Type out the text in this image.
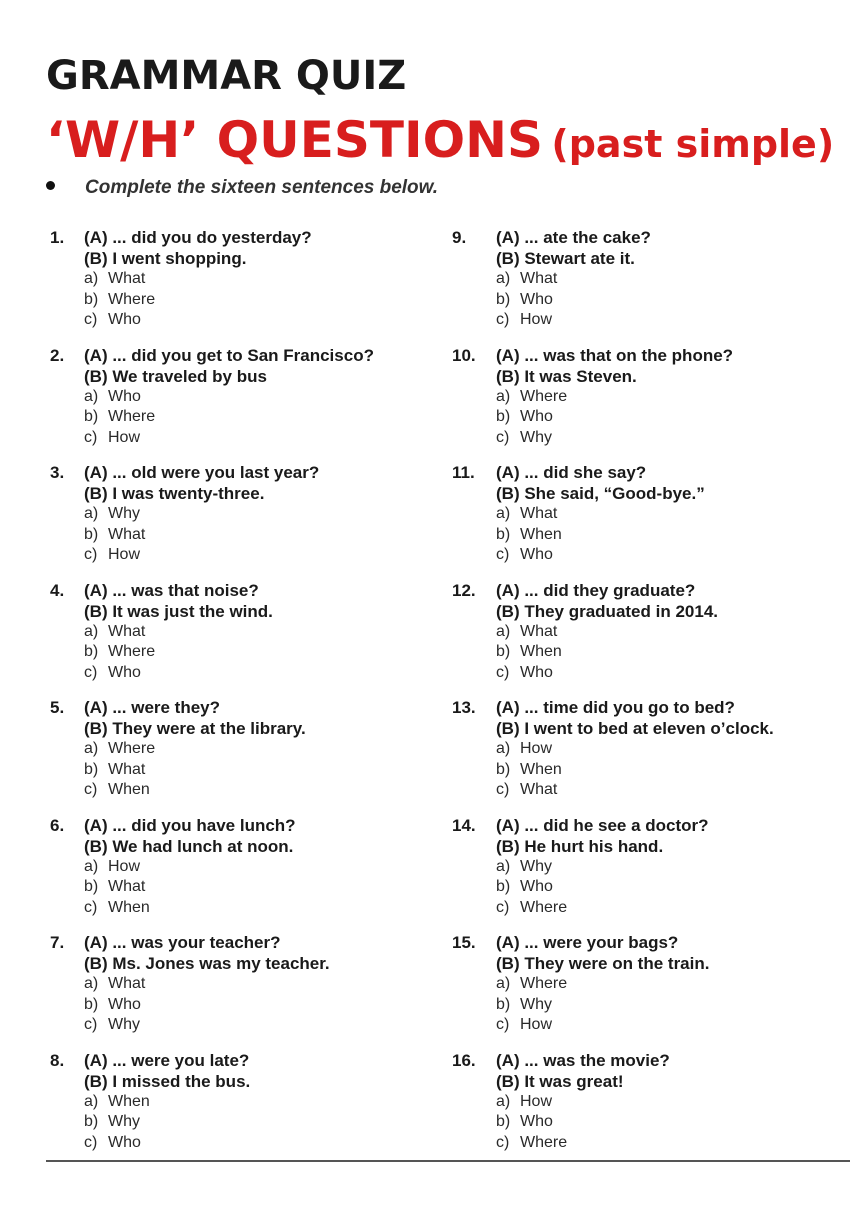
GRAMMAR QUIZ
‘W/H’ QUESTIONS (past simple)
Complete the sixteen sentences below.
1. (A) ... did you do yesterday?
(B) I went shopping.
a) What
b) Where
c) Who
2. (A) ... did you get to San Francisco?
(B) We traveled by bus
a) Who
b) Where
c) How
3. (A) ... old were you last year?
(B) I was twenty-three.
a) Why
b) What
c) How
4. (A) ... was that noise?
(B) It was just the wind.
a) What
b) Where
c) Who
5. (A) ... were they?
(B) They were at the library.
a) Where
b) What
c) When
6. (A) ... did you have lunch?
(B) We had lunch at noon.
a) How
b) What
c) When
7. (A) ... was your teacher?
(B) Ms. Jones was my teacher.
a) What
b) Who
c) Why
8. (A) ... were you late?
(B) I missed the bus.
a) When
b) Why
c) Who
9. (A) ... ate the cake?
(B) Stewart ate it.
a) What
b) Who
c) How
10. (A) ... was that on the phone?
(B) It was Steven.
a) Where
b) Who
c) Why
11. (A) ... did she say?
(B) She said, “Good-bye.”
a) What
b) When
c) Who
12. (A) ... did they graduate?
(B) They graduated in 2014.
a) What
b) When
c) Who
13. (A) ... time did you go to bed?
(B) I went to bed at eleven o’clock.
a) How
b) When
c) What
14. (A) ... did he see a doctor?
(B) He hurt his hand.
a) Why
b) Who
c) Where
15. (A) ... were your bags?
(B) They were on the train.
a) Where
b) Why
c) How
16. (A) ... was the movie?
(B) It was great!
a) How
b) Who
c) Where
